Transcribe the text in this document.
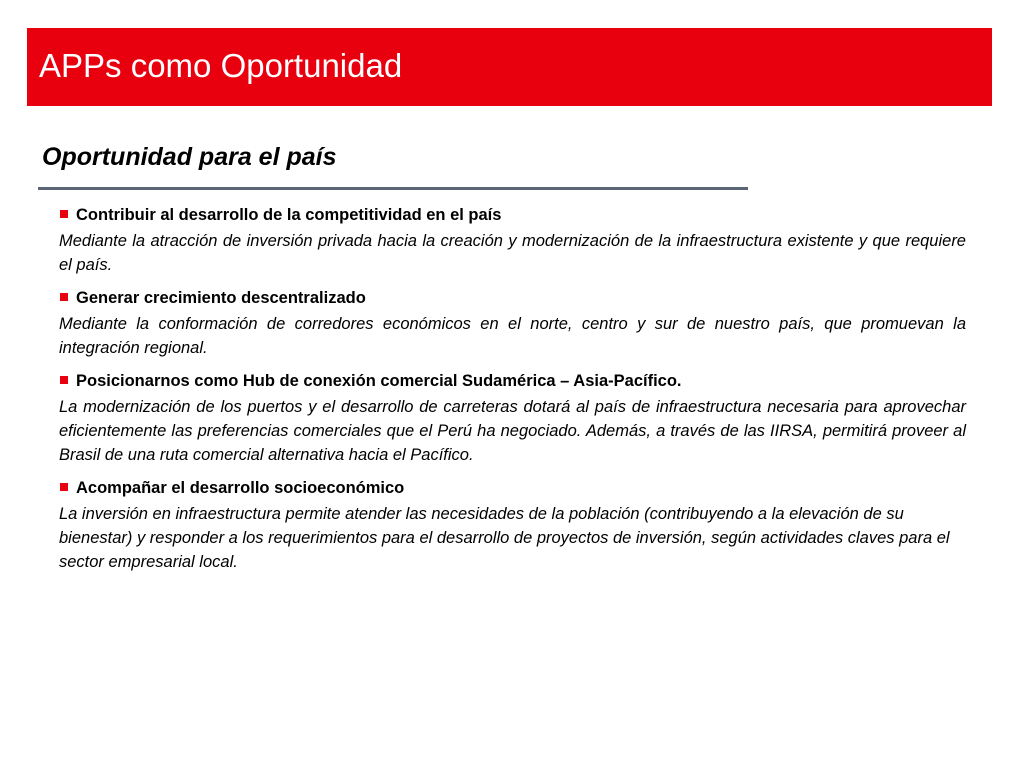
APPs como Oportunidad
Oportunidad para el país
Contribuir al desarrollo de la competitividad en el país
Mediante la atracción de inversión privada hacia la creación y modernización de la infraestructura existente y que requiere el país.
Generar crecimiento descentralizado
Mediante la conformación de corredores económicos en el norte, centro y sur de nuestro país, que promuevan la integración regional.
Posicionarnos como Hub de conexión comercial Sudamérica – Asia-Pacífico.
La modernización de los puertos y el desarrollo de carreteras dotará al país de infraestructura necesaria para aprovechar eficientemente las preferencias comerciales que el Perú ha negociado. Además, a través de las IIRSA, permitirá proveer al Brasil de una ruta comercial alternativa hacia el Pacífico.
Acompañar el desarrollo socioeconómico
La inversión en infraestructura permite atender las necesidades de la población (contribuyendo a la elevación de su bienestar) y responder a los requerimientos para el desarrollo de proyectos de inversión, según actividades claves para el sector empresarial local.
